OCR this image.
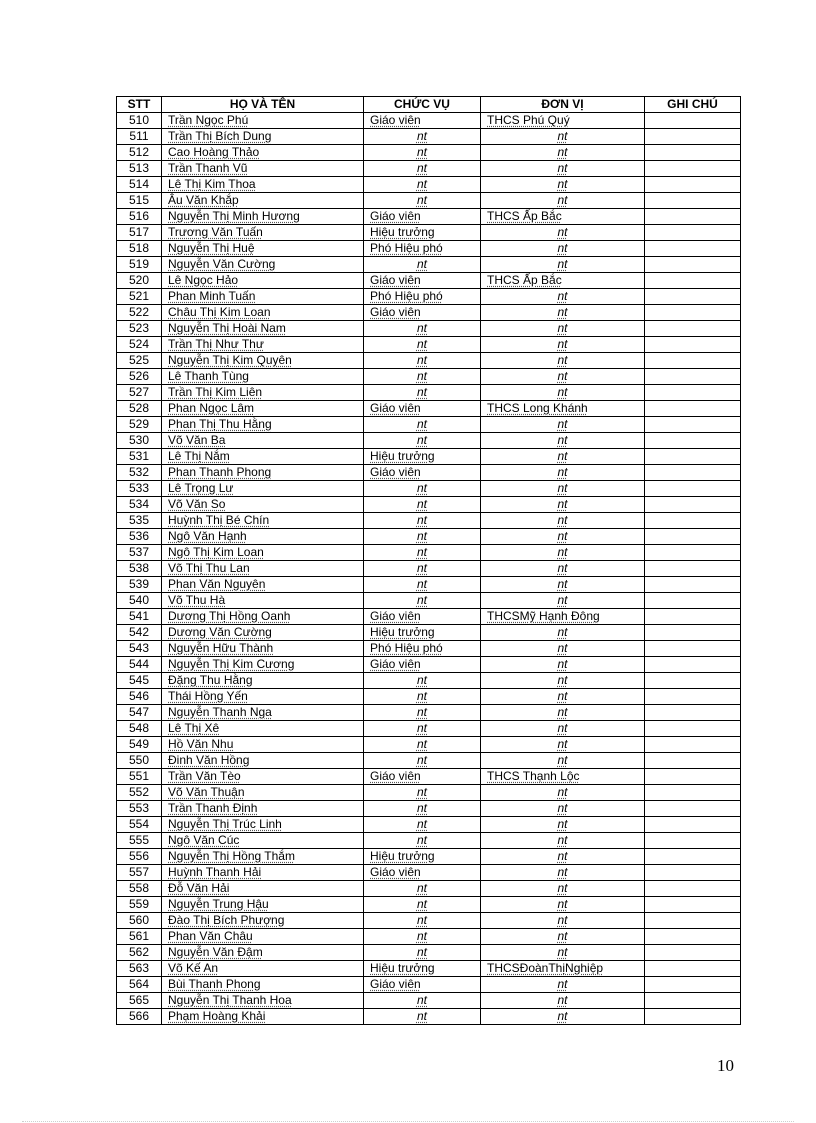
STT	HỌ VÀ TÊN	CHỨC VỤ	ĐƠN VỊ	GHI CHÚ
510	Trần Ngọc Phú	Giáo viên	THCS Phú Quý	
511	Trần Thị Bích Dung	nt	nt	
512	Cao Hoàng Thảo	nt	nt	
513	Trần Thanh Vũ	nt	nt	
514	Lê Thị Kim Thoa	nt	nt	
515	Âu Văn Khắp	nt	nt	
516	Nguyễn Thị Minh Hương	Giáo viên	THCS Ấp Bắc	
517	Trương Văn Tuấn	Hiệu trưởng	nt	
518	Nguyễn Thị Huệ	Phó Hiệu phó	nt	
519	Nguyễn Văn Cường	nt	nt	
520	Lê Ngọc Hảo	Giáo viên	THCS Ấp Bắc	
521	Phan Minh Tuấn	Phó Hiệu phó	nt	
522	Châu Thị Kim Loan	Giáo viên	nt	
523	Nguyễn Thị Hoài Nam	nt	nt	
524	Trần Thị Như Thư	nt	nt	
525	Nguyễn Thị Kim Quyên	nt	nt	
526	Lê Thanh Tùng	nt	nt	
527	Trần Thị Kim Liên	nt	nt	
528	Phan Ngọc Lâm	Giáo viên	THCS Long Khánh	
529	Phan Thị Thu Hằng	nt	nt	
530	Võ Văn Ba	nt	nt	
531	Lê Thị Nắm	Hiệu trưởng	nt	
532	Phan Thanh Phong	Giáo viên	nt	
533	Lê Trọng Lư	nt	nt	
534	Võ Văn So	nt	nt	
535	Huỳnh Thị Bé Chín	nt	nt	
536	Ngô Văn Hạnh	nt	nt	
537	Ngô Thị Kim Loan	nt	nt	
538	Võ Thị Thu Lan	nt	nt	
539	Phan Văn Nguyên	nt	nt	
540	Võ Thu Hà	nt	nt	
541	Dương Thị Hồng Oanh	Giáo viên	THCSMỹ Hạnh Đông	
542	Dương Văn Cường	Hiệu trưởng	nt	
543	Nguyễn Hữu Thành	Phó Hiệu phó	nt	
544	Nguyễn Thị Kim Cương	Giáo viên	nt	
545	Đặng Thu Hằng	nt	nt	
546	Thái Hồng Yến	nt	nt	
547	Nguyễn Thanh Nga	nt	nt	
548	Lê Thị Xê	nt	nt	
549	Hồ Văn Nhu	nt	nt	
550	Đinh Văn Hồng	nt	nt	
551	Trần Văn Tèo	Giáo viên	THCS Thạnh Lộc	
552	Võ Văn Thuận	nt	nt	
553	Trần Thanh Định	nt	nt	
554	Nguyễn Thị Trúc Linh	nt	nt	
555	Ngô Văn Cúc	nt	nt	
556	Nguyễn Thị Hồng Thắm	Hiệu trưởng	nt	
557	Huỳnh Thanh Hải	Giáo viên	nt	
558	Đỗ Văn Hải	nt	nt	
559	Nguyễn Trung Hậu	nt	nt	
560	Đào Thị Bích Phượng	nt	nt	
561	Phan Văn Châu	nt	nt	
562	Nguyễn Văn Đậm	nt	nt	
563	Võ Kế An	Hiệu trưởng	THCSĐoànThịNghiệp	
564	Bùi Thanh Phong	Giáo viên	nt	
565	Nguyễn Thị Thanh Hoa	nt	nt	
566	Phạm Hoàng Khải	nt	nt	
10
